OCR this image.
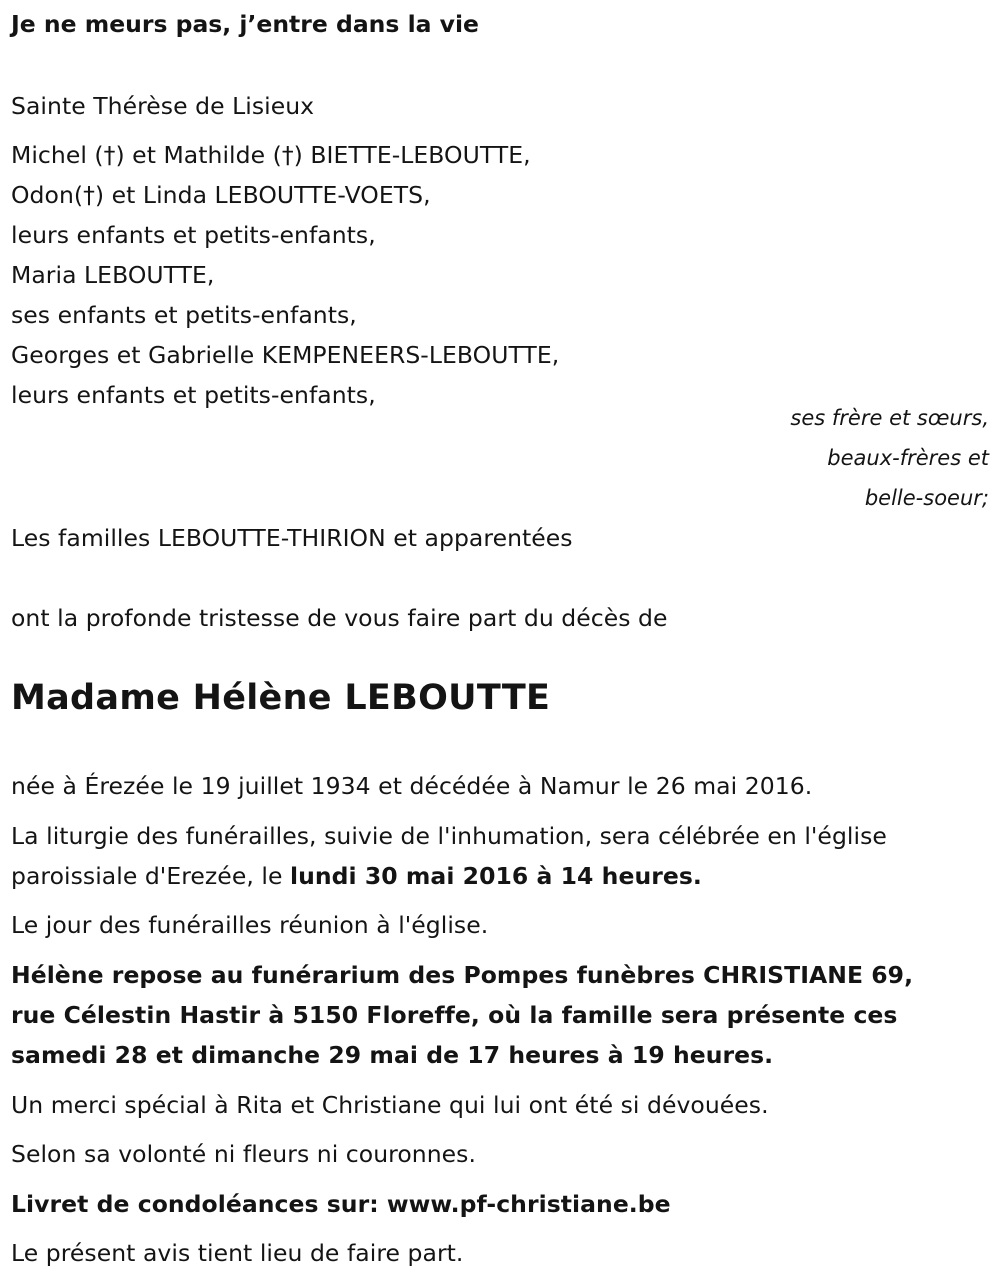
Je ne meurs pas, j’entre dans la vie
Sainte Thérèse de Lisieux
Michel (†) et Mathilde (†) BIETTE-LEBOUTTE,
Odon(†) et Linda LEBOUTTE-VOETS,
leurs enfants et petits-enfants,
Maria LEBOUTTE,
ses enfants et petits-enfants,
Georges et Gabrielle KEMPENEERS-LEBOUTTE,
leurs enfants et petits-enfants,
ses frère et sœurs,
beaux-frères et
belle-soeur;
Les familles LEBOUTTE-THIRION et apparentées
ont la profonde tristesse de vous faire part du décès de
Madame Hélène LEBOUTTE
née à Érezée le 19 juillet 1934 et décédée à Namur le 26 mai 2016.
La liturgie des funérailles, suivie de l'inhumation, sera célébrée en l'église
paroissiale d'Erezée, le lundi 30 mai 2016 à 14 heures.
Le jour des funérailles réunion à l'église.
Hélène repose au funérarium des Pompes funèbres CHRISTIANE 69,
rue Célestin Hastir à 5150 Floreffe, où la famille sera présente ces
samedi 28 et dimanche 29 mai de 17 heures à 19 heures.
Un merci spécial à Rita et Christiane qui lui ont été si dévouées.
Selon sa volonté ni fleurs ni couronnes.
Livret de condoléances sur: www.pf-christiane.be
Le présent avis tient lieu de faire part.
